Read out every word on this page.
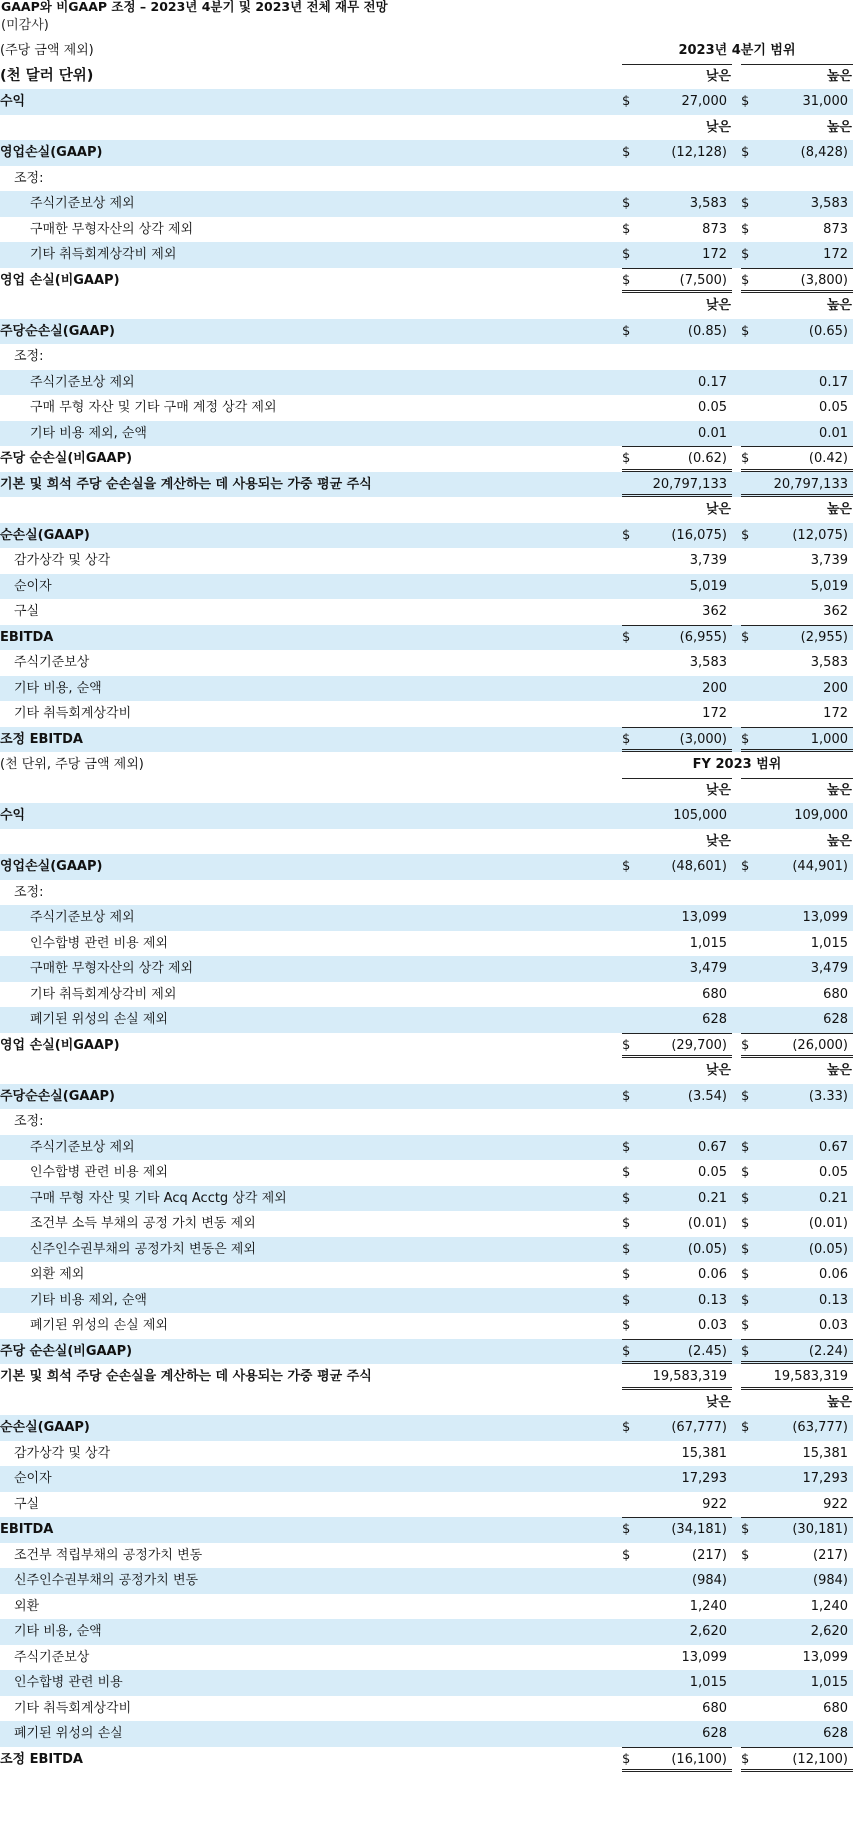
GAAP와 비GAAP 조정 – 2023년 4분기 및 2023년 전체 재무 전망
(미감사)
(주당 금액 제외)	2023년 4분기 범위
(천 달러 단위)	낮은	높은
수익	$	27,000 $	31,000
낮은	높은
영업손실(GAAP)	$	(12,128) $	(8,428)
조정:
주식기준보상 제외	$	3,583 $	3,583
구매한 무형자산의 상각 제외	$	873 $	873
기타 취득회계상각비 제외	$	172 $	172
영업 손실(비GAAP)	$	(7,500) $	(3,800)
낮은	높은
주당순손실(GAAP)	$	(0.85) $	(0.65)
조정:
주식기준보상 제외	0.17	0.17
구매 무형 자산 및 기타 구매 계정 상각 제외	0.05	0.05
기타 비용 제외, 순액	0.01	0.01
주당 순손실(비GAAP)	$	(0.62) $	(0.42)
기본 및 희석 주당 순손실을 계산하는 데 사용되는 가중 평균 주식	20,797,133	20,797,133
낮은	높은
순손실(GAAP)	$	(16,075) $	(12,075)
감가상각 및 상각	3,739	3,739
순이자	5,019	5,019
구실	362	362
EBITDA	$	(6,955) $	(2,955)
주식기준보상	3,583	3,583
기타 비용, 순액	200	200
기타 취득회계상각비	172	172
조정 EBITDA	$	(3,000) $	1,000
(천 단위, 주당 금액 제외)	FY 2023 범위
낮은	높은
수익	105,000	109,000
낮은	높은
영업손실(GAAP)	$	(48,601) $	(44,901)
조정:
주식기준보상 제외	13,099	13,099
인수합병 관련 비용 제외	1,015	1,015
구매한 무형자산의 상각 제외	3,479	3,479
기타 취득회계상각비 제외	680	680
폐기된 위성의 손실 제외	628	628
영업 손실(비GAAP)	$	(29,700) $	(26,000)
낮은	높은
주당순손실(GAAP)	$	(3.54) $	(3.33)
조정:
주식기준보상 제외	$	0.67 $	0.67
인수합병 관련 비용 제외	$	0.05 $	0.05
구매 무형 자산 및 기타 Acq Acctg 상각 제외	$	0.21 $	0.21
조건부 소득 부채의 공정 가치 변동 제외	$	(0.01) $	(0.01)
신주인수권부채의 공정가치 변동은 제외	$	(0.05) $	(0.05)
외환 제외	$	0.06 $	0.06
기타 비용 제외, 순액	$	0.13 $	0.13
폐기된 위성의 손실 제외	$	0.03 $	0.03
주당 순손실(비GAAP)	$	(2.45) $	(2.24)
기본 및 희석 주당 순손실을 계산하는 데 사용되는 가중 평균 주식	19,583,319	19,583,319
낮은	높은
순손실(GAAP)	$	(67,777) $	(63,777)
감가상각 및 상각	15,381	15,381
순이자	17,293	17,293
구실	922	922
EBITDA	$	(34,181) $	(30,181)
조건부 적립부채의 공정가치 변동	$	(217) $	(217)
신주인수권부채의 공정가치 변동	(984)	(984)
외환	1,240	1,240
기타 비용, 순액	2,620	2,620
주식기준보상	13,099	13,099
인수합병 관련 비용	1,015	1,015
기타 취득회계상각비	680	680
폐기된 위성의 손실	628	628
조정 EBITDA	$	(16,100) $	(12,100)
